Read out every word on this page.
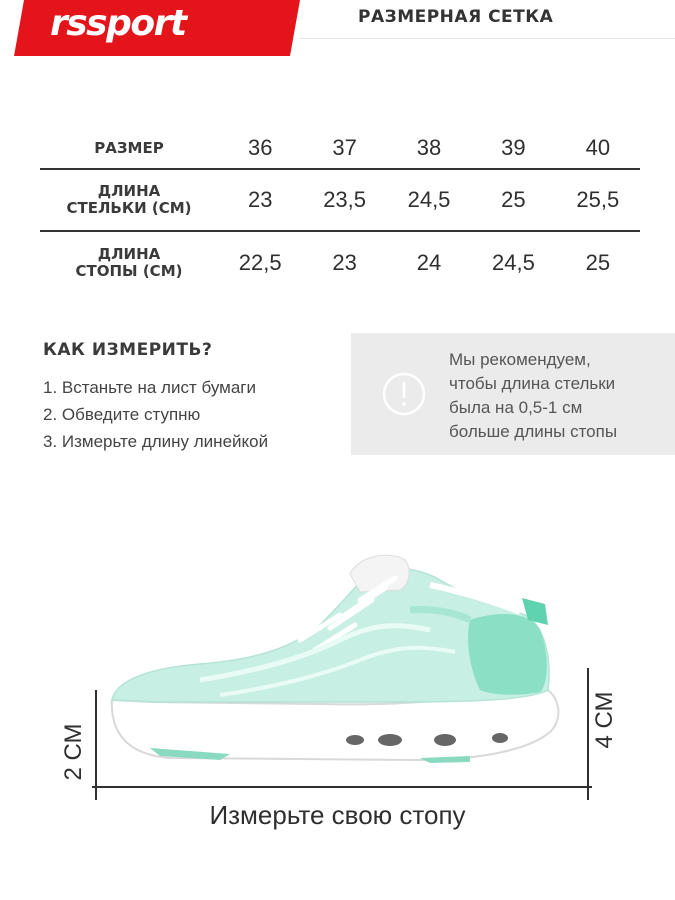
rssport	РАЗМЕРНАЯ СЕТКА
РАЗМЕР	36	37	38	39	40
ДЛИНА
СТЕЛЬКИ (СМ)	23	23,5	24,5	25	25,5
ДЛИНА
СТОПЫ (СМ)	22,5	23	24	24,5	25
КАК ИЗМЕРИТЬ?
1. Встаньте на лист бумаги
2. Обведите ступню
3. Измерьте длину линейкой
Мы рекомендуем,
чтобы длина стельки
была на 0,5-1 см
больше длины стопы
2 СМ
4 СМ
Измерьте свою стопу
